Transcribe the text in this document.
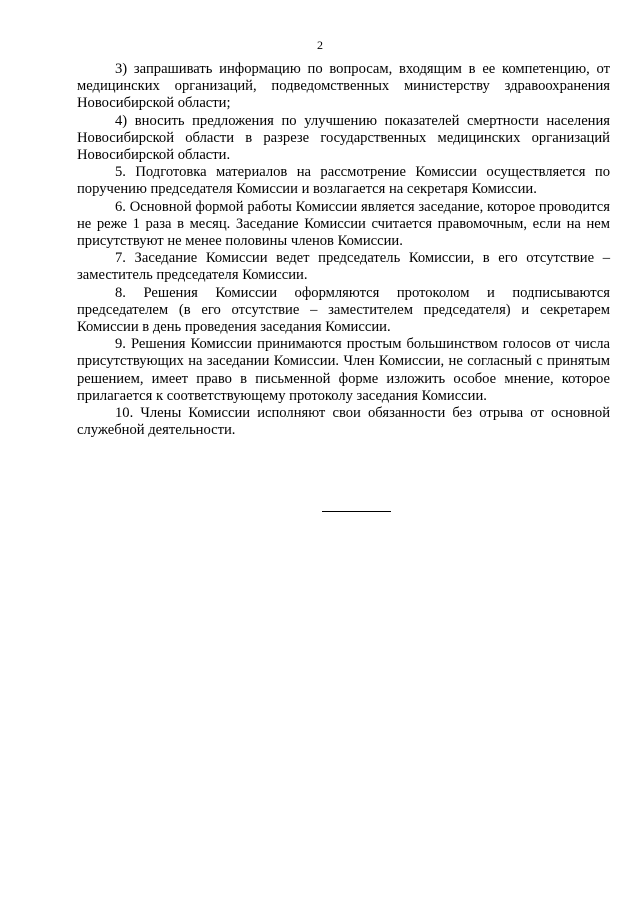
2

3) запрашивать информацию по вопросам, входящим в ее компетенцию, от медицинских организаций, подведомственных министерству здравоохранения Новосибирской области;

4) вносить предложения по улучшению показателей смертности населения Новосибирской области в разрезе государственных медицинских организаций Новосибирской области.

5. Подготовка материалов на рассмотрение Комиссии осуществляется по поручению председателя Комиссии и возлагается на секретаря Комиссии.

6. Основной формой работы Комиссии является заседание, которое проводится не реже 1 раза в месяц. Заседание Комиссии считается правомочным, если на нем присутствуют не менее половины членов Комиссии.

7. Заседание Комиссии ведет председатель Комиссии, в его отсутствие – заместитель председателя Комиссии.

8. Решения Комиссии оформляются протоколом и подписываются председателем (в его отсутствие – заместителем председателя) и секретарем Комиссии в день проведения заседания Комиссии.

9. Решения Комиссии принимаются простым большинством голосов от числа присутствующих на заседании Комиссии. Член Комиссии, не согласный с принятым решением, имеет право в письменной форме изложить особое мнение, которое прилагается к соответствующему протоколу заседания Комиссии.

10. Члены Комиссии исполняют свои обязанности без отрыва от основной служебной деятельности.
